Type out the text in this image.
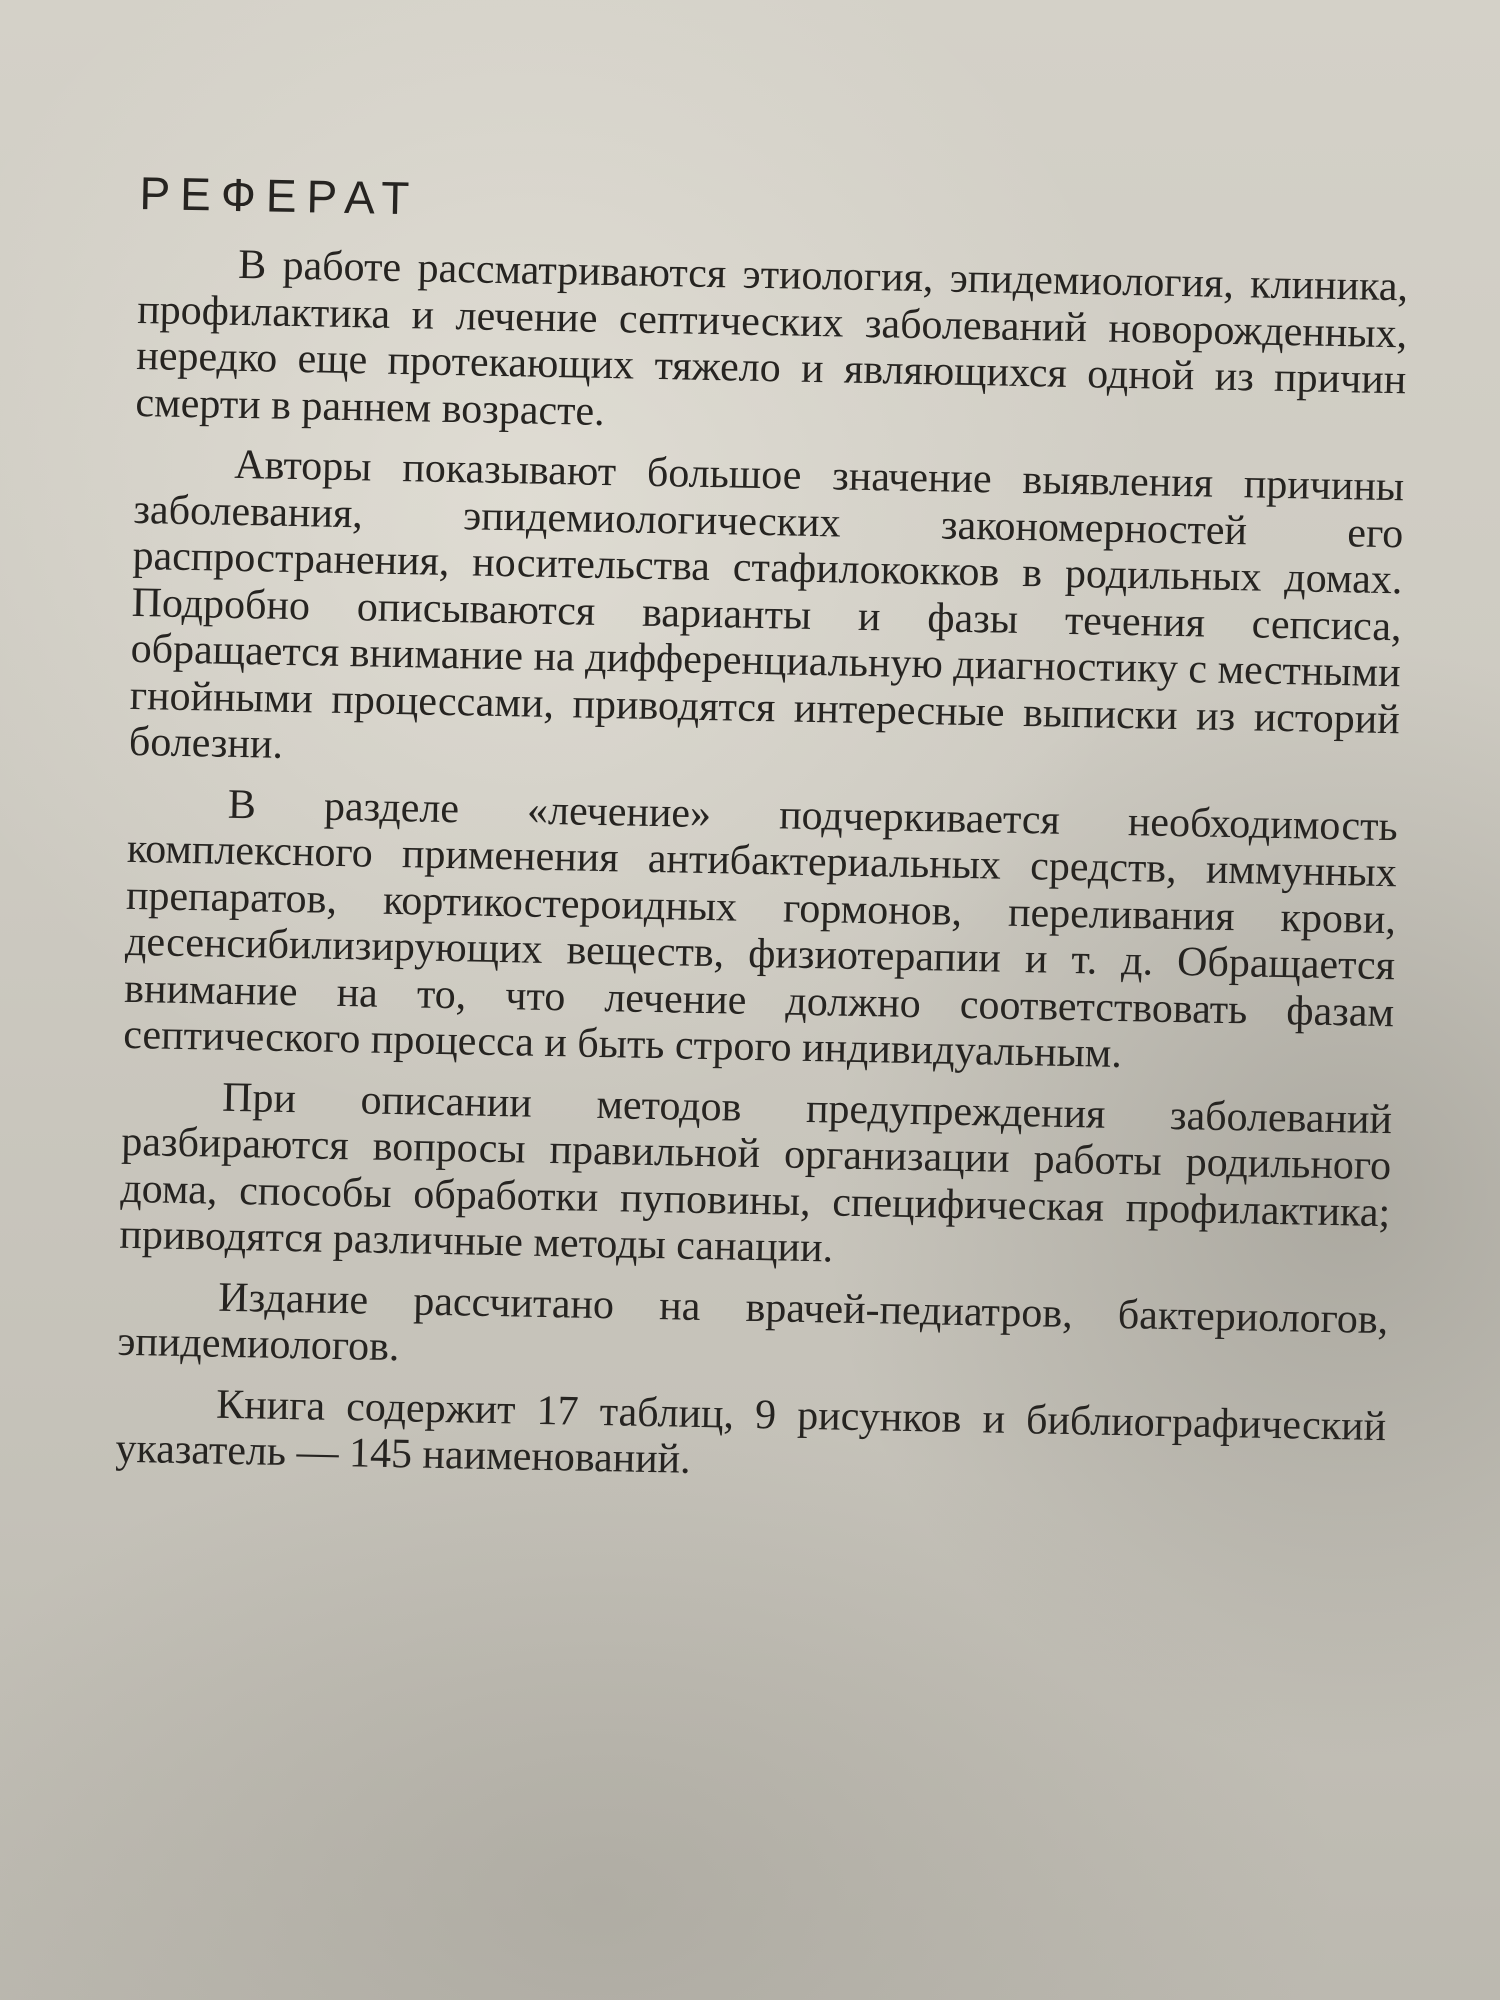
РЕФЕРАТ

В работе рассматриваются этиология, эпидемиология, клиника, профилактика и лечение септических заболеваний новорожденных, нередко еще протекающих тяжело и являющихся одной из причин смерти в раннем возрасте.

Авторы показывают большое значение выявления причины заболевания, эпидемиологических закономерностей его распространения, носительства стафилококков в родильных домах. Подробно описываются варианты и фазы течения сепсиса, обращается внимание на дифференциальную диагностику с местными гнойными процессами, приводятся интересные выписки из историй болезни.

В разделе «лечение» подчеркивается необходимость комплексного применения антибактериальных средств, иммунных препаратов, кортикостероидных гормонов, переливания крови, десенсибилизирующих веществ, физиотерапии и т. д. Обращается внимание на то, что лечение должно соответствовать фазам септического процесса и быть строго индивидуальным.

При описании методов предупреждения заболеваний разбираются вопросы правильной организации работы родильного дома, способы обработки пуповины, специфическая профилактика; приводятся различные методы санации.

Издание рассчитано на врачей-педиатров, бактериологов, эпидемиологов.

Книга содержит 17 таблиц, 9 рисунков и библиографический указатель — 145 наименований.
